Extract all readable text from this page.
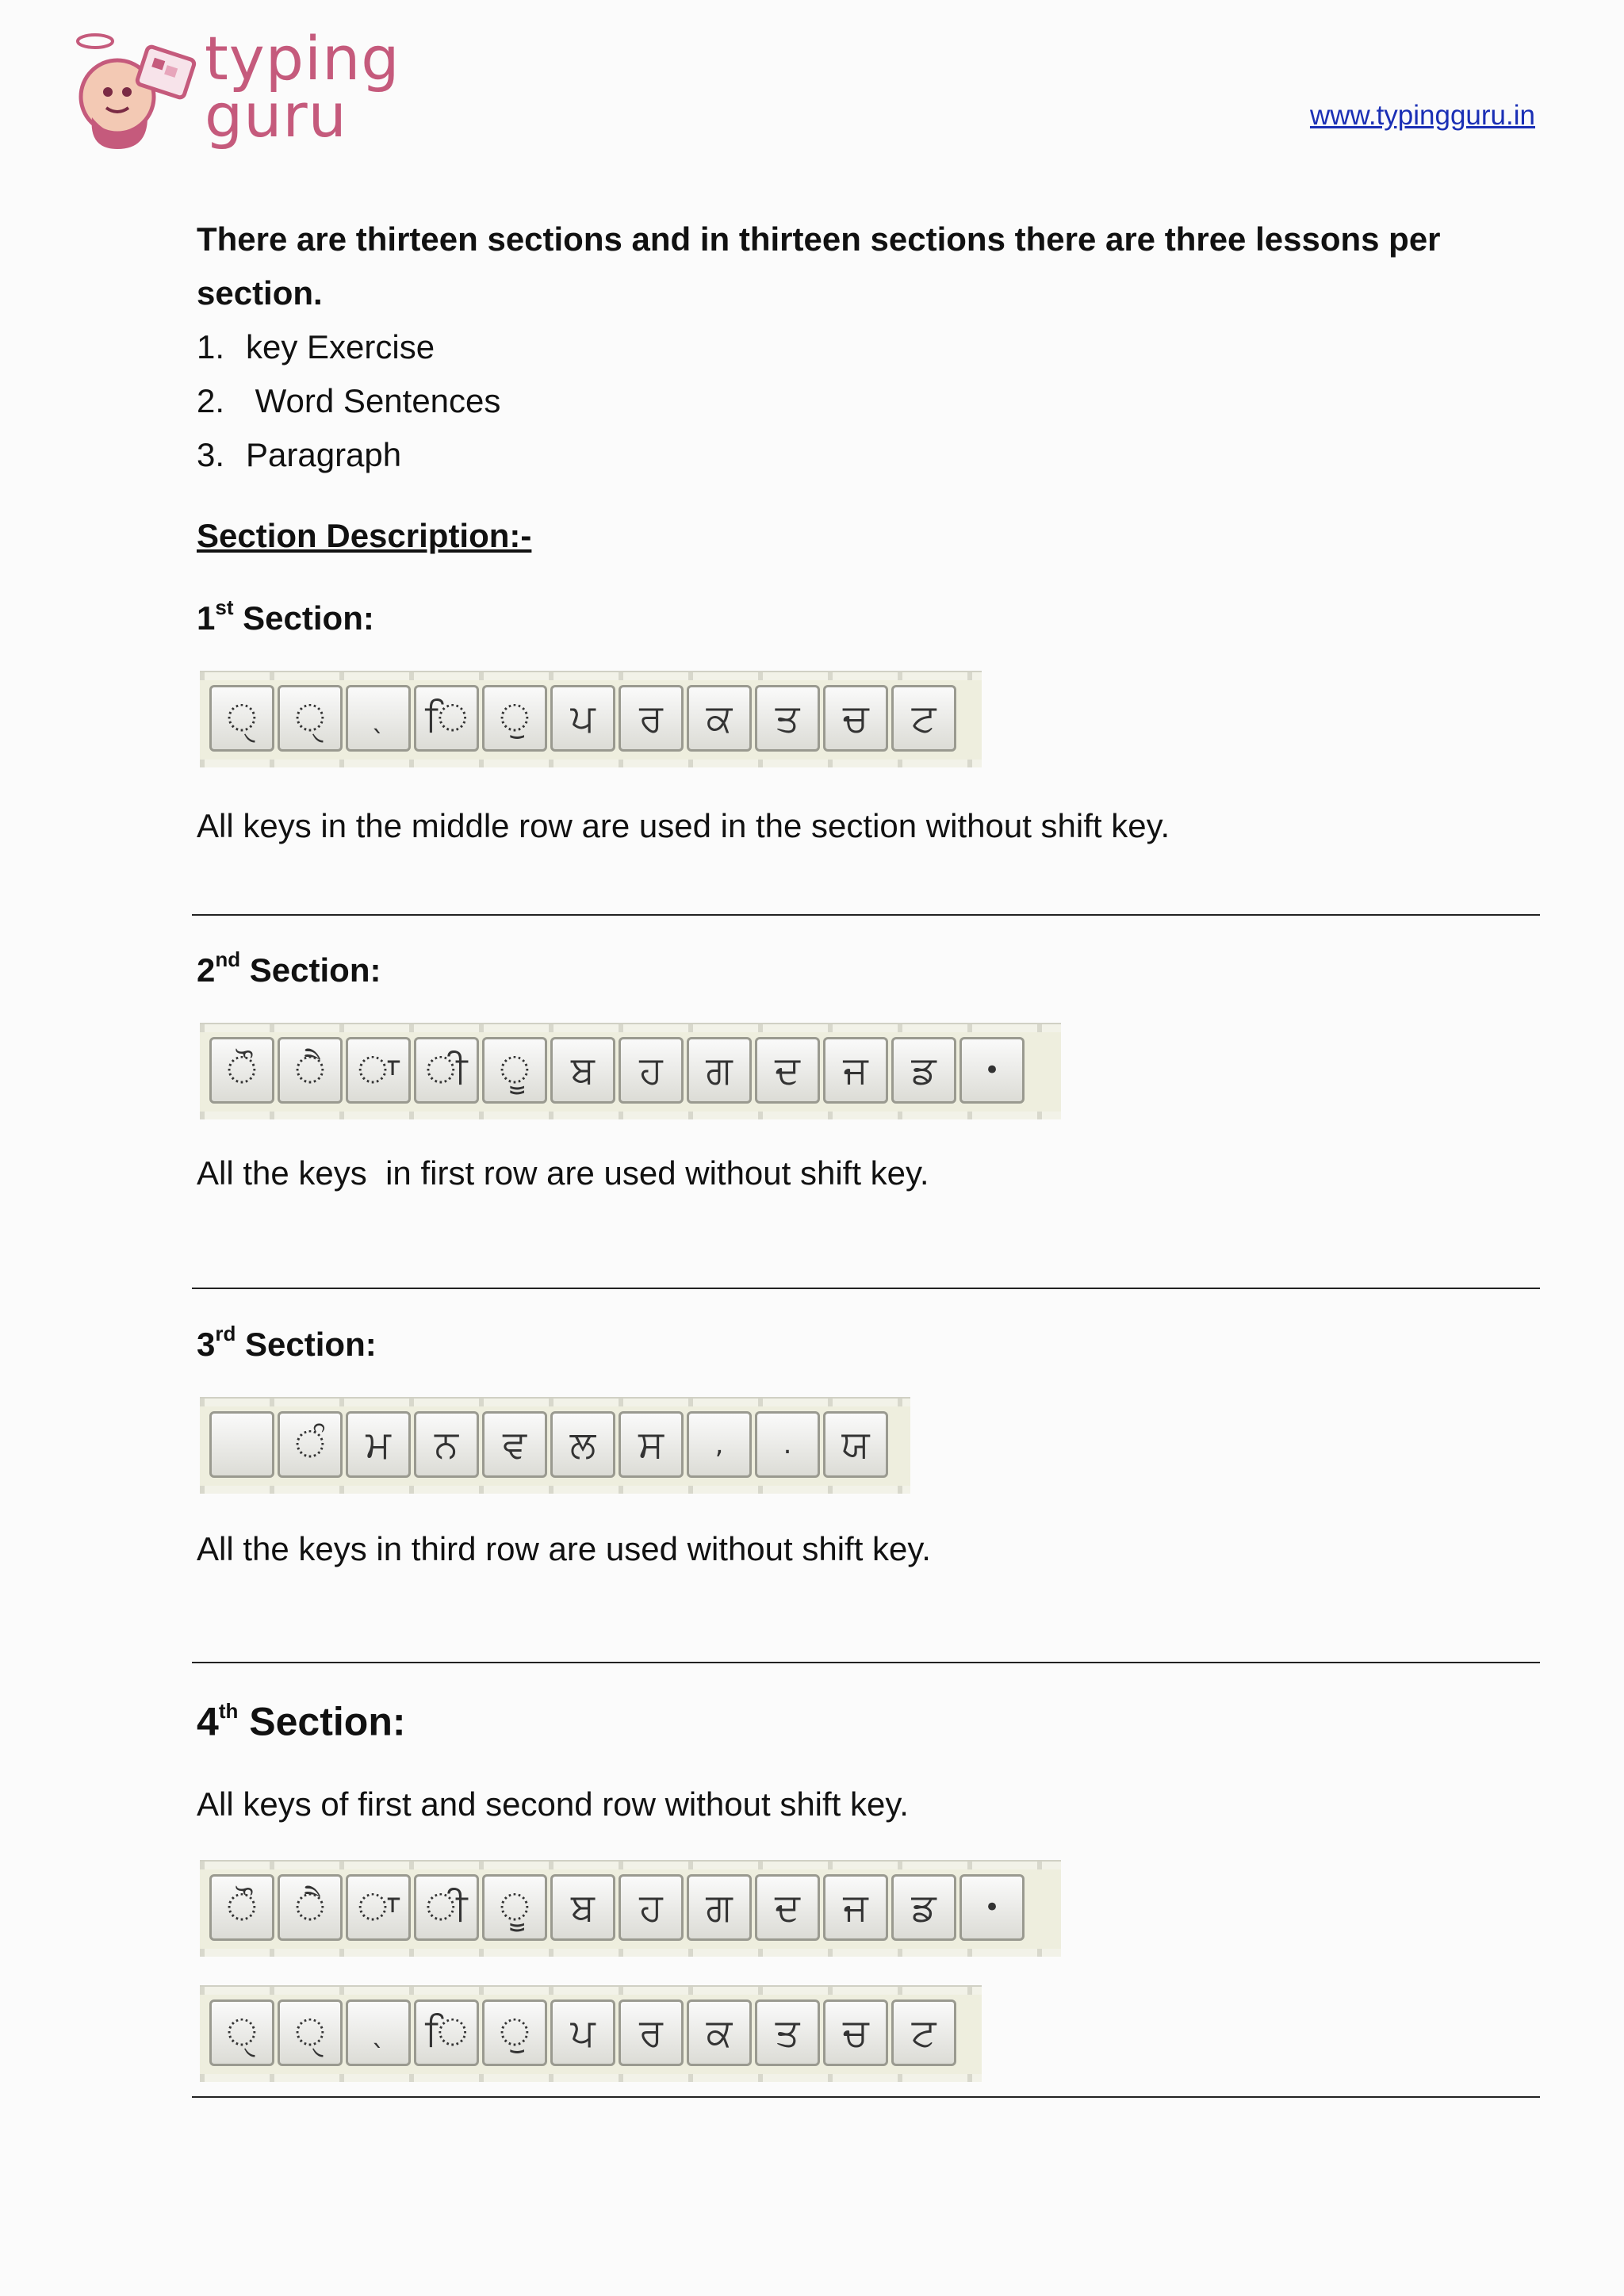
typing
guru	www.typingguru.in

There are thirteen sections and in thirteen sections there are three lessons per section.

1. key Exercise
2. Word Sentences
3. Paragraph
Section Description:-
1st Section:
ੑ ੑ	ˎ	ਿ ੁ	ਪ	ਰ	ਕ	ਤ	ਚ	ਟ
All keys in the middle row are used in the section without shift key.
2nd Section:
ੌ ੈ ਾ ੀ ੂ	ਬ	ਹ	ਗ	ਦ	ਜ	ਡ	•
All the keys  in first row are used without shift key.
3rd Section:
ੰ	ਮ	ਨ	ਵ	ਲ	ਸ	,	.	ਯ
All the keys in third row are used without shift key.
4th Section:
All keys of first and second row without shift key.
ੌ ੈ ਾ ੀ ੂ	ਬ	ਹ	ਗ	ਦ	ਜ	ਡ	•
ੑ ੑ	ˎ	ਿ ੁ	ਪ	ਰ	ਕ	ਤ	ਚ	ਟ
